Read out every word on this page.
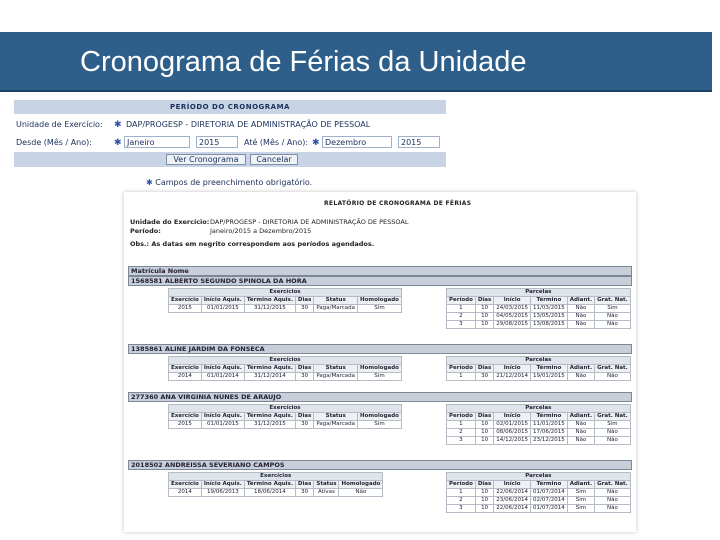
Cronograma de Férias da Unidade
PERÍODO DO CRONOGRAMA
Unidade de Exercício: ✱ DAP/PROGESP - DIRETORIA DE ADMINISTRAÇÃO DE PESSOAL
Desde (Mês / Ano): ✱ Janeiro	2015	Até (Mês / Ano): ✱ Dezembro	2015
Ver Cronograma	Cancelar
✱ Campos de preenchimento obrigatório.
RELATÓRIO DE CRONOGRAMA DE FÉRIAS
Unidade do Exercício:DAP/PROGESP - DIRETORIA DE ADMINISTRAÇÃO DE PESSOAL
Período:	Janeiro/2015 a Dezembro/2015
Obs.: As datas em negrito correspondem aos períodos agendados.
Matrícula Nome
1568581 ALBERTO SEGUNDO SPINOLA DA HORA
Exercícios					
Exercício	Início Aquis.	Término Aquis.	Dias	Status	Homologado
2015	01/01/2015	31/12/2015	30	Paga/Marcada	Sim
Parcelas					
Período	Dias	Início	Término	Adiant.	Grat. Nat.
1	10	24/03/2015	11/03/2015	Não	Sim
2	10	04/05/2015	13/05/2015	Não	Não
3	10	29/08/2015	13/08/2015	Não	Não
1385861 ALINE JARDIM DA FONSECA
Exercícios					
Exercício	Início Aquis.	Término Aquis.	Dias	Status	Homologado
2014	01/01/2014	31/12/2014	30	Paga/Marcada	Sim
Parcelas					
Período	Dias	Início	Término	Adiant.	Grat. Nat.
1	30	21/12/2014	19/01/2015	Não	Não
277360 ANA VIRGINIA NUNES DE ARAUJO
Exercícios					
Exercício	Início Aquis.	Término Aquis.	Dias	Status	Homologado
2015	01/01/2015	31/12/2015	30	Paga/Marcada	Sim
Parcelas					
Período	Dias	Início	Término	Adiant.	Grat. Nat.
1	10	02/01/2015	11/01/2015	Não	Sim
2	10	08/06/2015	17/06/2015	Não	Não
3	10	14/12/2015	23/12/2015	Não	Não
2018502 ANDREISSA SEVERIANO CAMPOS
Exercícios					
Exercício	Início Aquis.	Término Aquis.	Dias	Status	Homologado
2014	19/06/2013	18/06/2014	30	Ativas	Não
Parcelas					
Período	Dias	Início	Término	Adiant.	Grat. Nat.
1	10	22/06/2014	01/07/2014	Sim	Não
2	10	23/06/2014	02/07/2014	Sim	Não
3	10	22/06/2014	01/07/2014	Sim	Não
